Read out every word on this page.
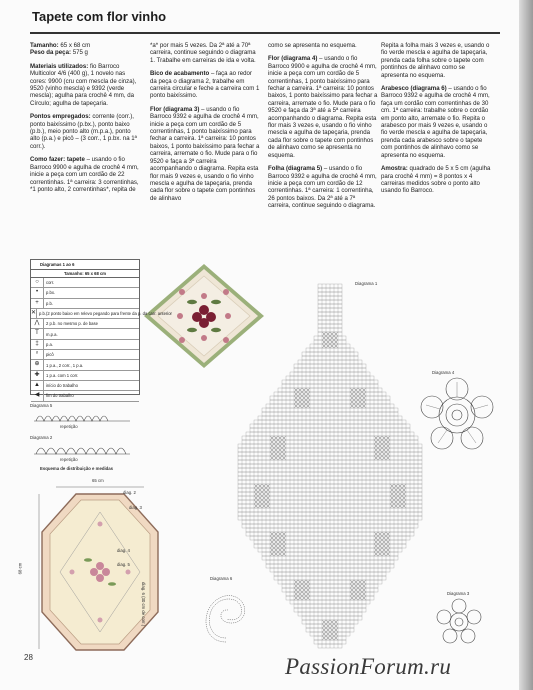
Tapete com flor vinho

Tamanho: 65 x 68 cm
Peso da peça: 575 g

Materiais utilizados: fio Barroco Multicolor 4/6 (400 g), 1 novelo nas cores: 9900 (cru com mescla de cinza), 9520 (vinho mescla) e 9392 (verde mescla); agulha para crochê 4 mm, da Círculo; agulha de tapeçaria.

Pontos empregados: corrente (corr.), ponto baixíssimo (p.bx.), ponto baixo (p.b.), meio ponto alto (m.p.a.), ponto alto (p.a.) e picô – (3 corr., 1 p.bx. na 1ª corr.).

Como fazer: tapete – usando o fio Barroco 9900 e agulha de crochê 4 mm, inicie a peça com um cordão de 22 correntinhas. 1ª carreira: 3 correntinhas, *1 ponto alto, 2 correntinhas*, repita de

*a* por mais 5 vezes. Da 2ª até a 70ª carreira, continue seguindo o diagrama 1. Trabalhe em carreiras de ida e volta.

Bico de acabamento – faça ao redor da peça o diagrama 2, trabalhe em carreira circular e feche a carreira com 1 ponto baixíssimo.

Flor (diagrama 3) – usando o fio Barroco 9392 e agulha de crochê 4 mm, inicie a peça com um cordão de 5 correntinhas, 1 ponto baixíssimo para fechar a carreira. 1ª carreira: 10 pontos baixos, 1 ponto baixíssimo para fechar a carreira, arremate o fio. Mude para o fio 9520 e faça a 3ª carreira acompanhando o diagrama. Repita esta flor mais 9 vezes e, usando o fio vinho mescla e agulha de tapeçaria, prenda cada flor sobre o tapete com pontinhos de alinhavo

como se apresenta no esquema.

Flor (diagrama 4) – usando o fio Barroco 9900 e agulha de crochê 4 mm, inicie a peça com um cordão de 5 correntinhas, 1 ponto baixíssimo para fechar a carreira. 1ª carreira: 10 pontos baixos, 1 ponto baixíssimo para fechar a carreira, arremate o fio. Mude para o fio 9520 e faça da 3ª até a 5ª carreira acompanhando o diagrama. Repita esta flor mais 3 vezes e, usando o fio vinho mescla e agulha de tapeçaria, prenda cada flor sobre o tapete com pontinhos de alinhavo como se apresenta no esquema.

Folha (diagrama 5) – usando o fio Barroco 9392 e agulha de crochê 4 mm, inicie a peça com um cordão de 12 correntinhas. 1ª carreira: 1 correntinha, 26 pontos baixos. Da 2ª até a 7ª carreira, continue seguindo o diagrama.

Repita a folha mais 3 vezes e, usando o fio verde mescla e agulha de tapeçaria, prenda cada folha sobre o tapete com pontinhos de alinhavo como se apresenta no esquema.

Arabesco (diagrama 6) – usando o fio Barroco 9392 e agulha de crochê 4 mm, faça um cordão com correntinhas de 30 cm. 1ª carreira: trabalhe sobre o cordão em ponto alto, arremate o fio. Repita o arabesco por mais 9 vezes e, usando o fio verde mescla e agulha de tapeçaria, prenda cada arabesco sobre o tapete com pontinhos de alinhavo como se apresenta no esquema.

Amostra: quadrado de 5 x 5 cm (agulha para crochê 4 mm) = 8 pontos x 4 carreiras medidos sobre o ponto alto usando fio Barroco.

Diagramas 1 ao 6
Tamanho: 65 x 68 cm
○	corr.
•	p.bx.
+	p.b.
✕ p.b.(2 ponto baixo em relevo pegando para frente da p. da carr. anterior
⋀	2 p.b. no mesmo p. de base
T	m.p.a.
‡	p.a.
ᵒ	picô
⊕	1 p.a., 2 corr., 1 p.a.
✚	1 p.a. com 1 corr.
▲	início do trabalho
◀	fim do trabalho
Diagrama 5
repetição
Diagrama 2
repetição
Esquema de distribuição e medidas
65 cm
68 cm
diag. 2
diag. 3
diag. 4
diag. 5
diag. 6 (30 cm de corr.)
Diagrama 4
Diagrama 1
Diagrama 6
Diagrama 3
28	PassionForum.ru
